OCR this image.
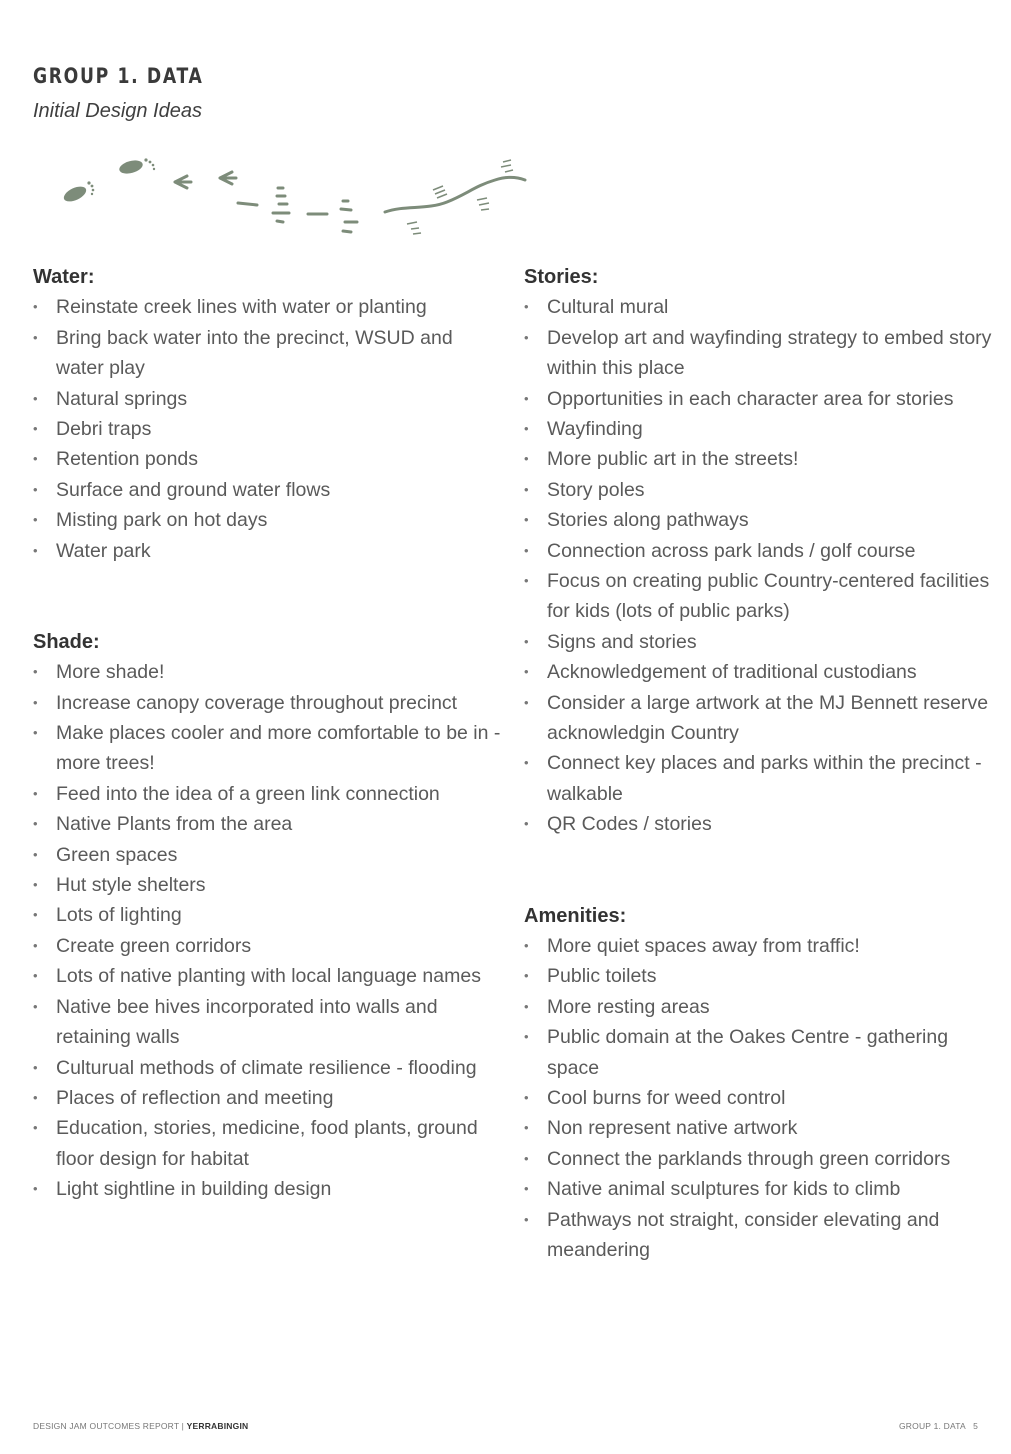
GROUP 1. DATA

Initial Design Ideas

Water:
• Reinstate creek lines with water or planting
• Bring back water into the precinct, WSUD and water play
• Natural springs
• Debri traps
• Retention ponds
• Surface and ground water flows
• Misting park on hot days
• Water park
Shade:
• More shade!
• Increase canopy coverage throughout precinct
• Make places cooler and more comfortable to be in - more trees!
• Feed into the idea of a green link connection
• Native Plants from the area
• Green spaces
• Hut style shelters
• Lots of lighting
• Create green corridors
• Lots of native planting with local language names
• Native bee hives incorporated into walls and retaining walls
• Culturual methods of climate resilience - flooding
• Places of reflection and meeting
• Education, stories, medicine, food plants, ground floor design for habitat
• Light sightline in building design
Stories:
• Cultural mural
• Develop art and wayfinding strategy to embed story within this place
• Opportunities in each character area for stories
• Wayfinding
• More public art in the streets!
• Story poles
• Stories along pathways
• Connection across park lands / golf course
• Focus on creating public Country-centered facilities for kids (lots of public parks)
• Signs and stories
• Acknowledgement of traditional custodians
• Consider a large artwork at the MJ Bennett reserve acknowledgin Country
• Connect key places and parks within the precinct - walkable
• QR Codes / stories
Amenities:
• More quiet spaces away from traffic!
• Public toilets
• More resting areas
• Public domain at the Oakes Centre - gathering space
• Cool burns for weed control
• Non represent native artwork
• Connect the parklands through green corridors
• Native animal sculptures for kids to climb
• Pathways not straight, consider elevating and meandering
DESIGN JAM OUTCOMES REPORT | YERRABINGIN	GROUP 1. DATA 5
